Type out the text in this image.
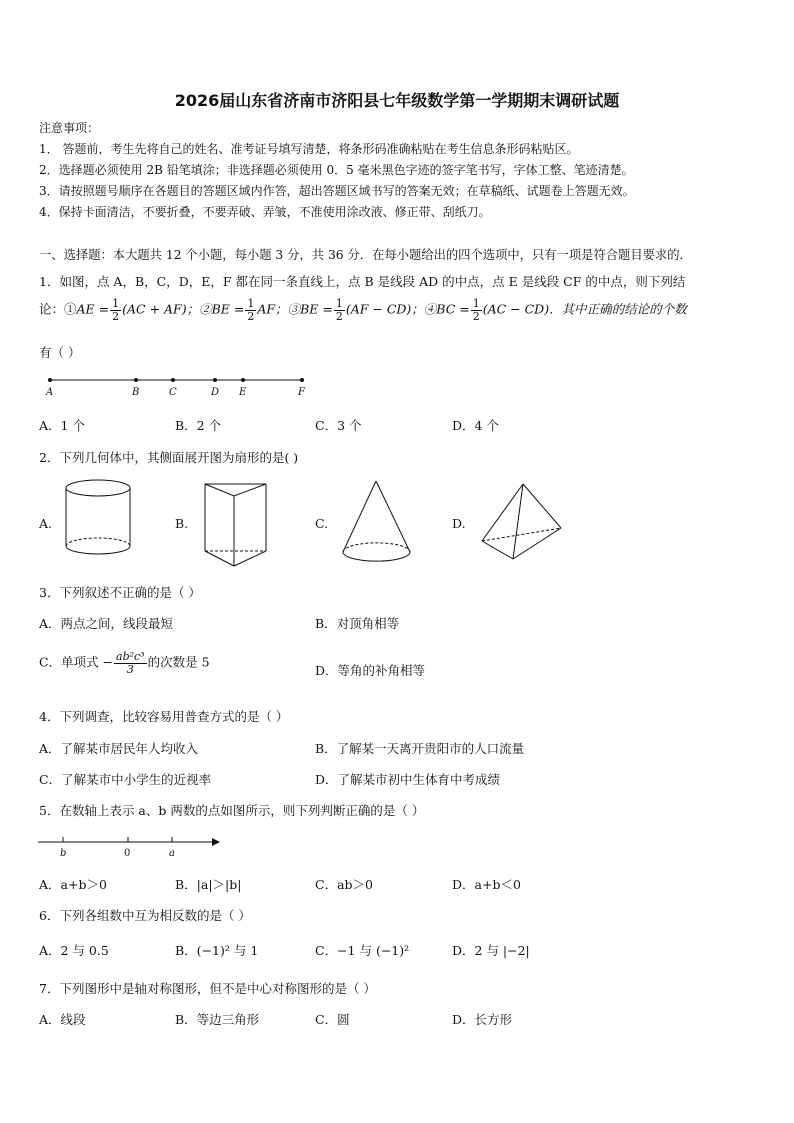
2026届山东省济南市济阳县七年级数学第一学期期末调研试题
注意事项：
1． 答题前，考生先将自己的姓名、准考证号填写清楚，将条形码准确粘贴在考生信息条形码粘贴区。
2．选择题必须使用 2B 铅笔填涂；非选择题必须使用 0．5 毫米黑色字迹的签字笔书写，字体工整、笔迹清楚。
3．请按照题号顺序在各题目的答题区域内作答，超出答题区域书写的答案无效；在草稿纸、试题卷上答题无效。
4．保持卡面清洁，不要折叠，不要弄破、弄皱，不准使用涂改液、修正带、刮纸刀。
一、选择题：本大题共 12 个小题，每小题 3 分，共 36 分．在每小题给出的四个选项中，只有一项是符合题目要求的．
1．如图，点 A，B，C，D，E，F 都在同一条直线上，点 B 是线段 AD 的中点，点 E 是线段 CF 的中点，则下列结
论：①AE = $\frac{1}{2} (AC + AF)$；②BE = $\frac{1}{2}$ AF；③BE = $\frac{1}{2} (AF - CD)$；④BC = $\frac{1}{2} (AC - CD)$．其中正确的结论的个数
有（ ）
A	B	C	D E	F
A．1 个	B．2 个	C．3 个	D．4 个
2．下列几何体中，其侧面展开图为扇形的是( )
A.	B.	C.	D.
3．下列叙述不正确的是（ ）
A．两点之间，线段最短	B．对顶角相等
C．单项式 − $\frac{\text{ab²c³}}{3}$ 的次数是 5
D．等角的补角相等
4．下列调查，比较容易用普查方式的是（ ）
A．了解某市居民年人均收入	B．了解某一天离开贵阳市的人口流量
C．了解某市中小学生的近视率	D．了解某市初中生体育中考成绩
5．在数轴上表示 a、b 两数的点如图所示，则下列判断正确的是（ ）
b	0	a
A．a+b＞0	B．|a|＞|b|	C．ab＞0	D．a+b＜0
6．下列各组数中互为相反数的是（ ）
A．2 与 0.5	B．(−1)² 与 1	C．−1 与 (−1)²	D．2 与 |−2|
7．下列图形中是轴对称图形，但不是中心对称图形的是（ ）
A．线段	B．等边三角形	C．圆	D．长方形
